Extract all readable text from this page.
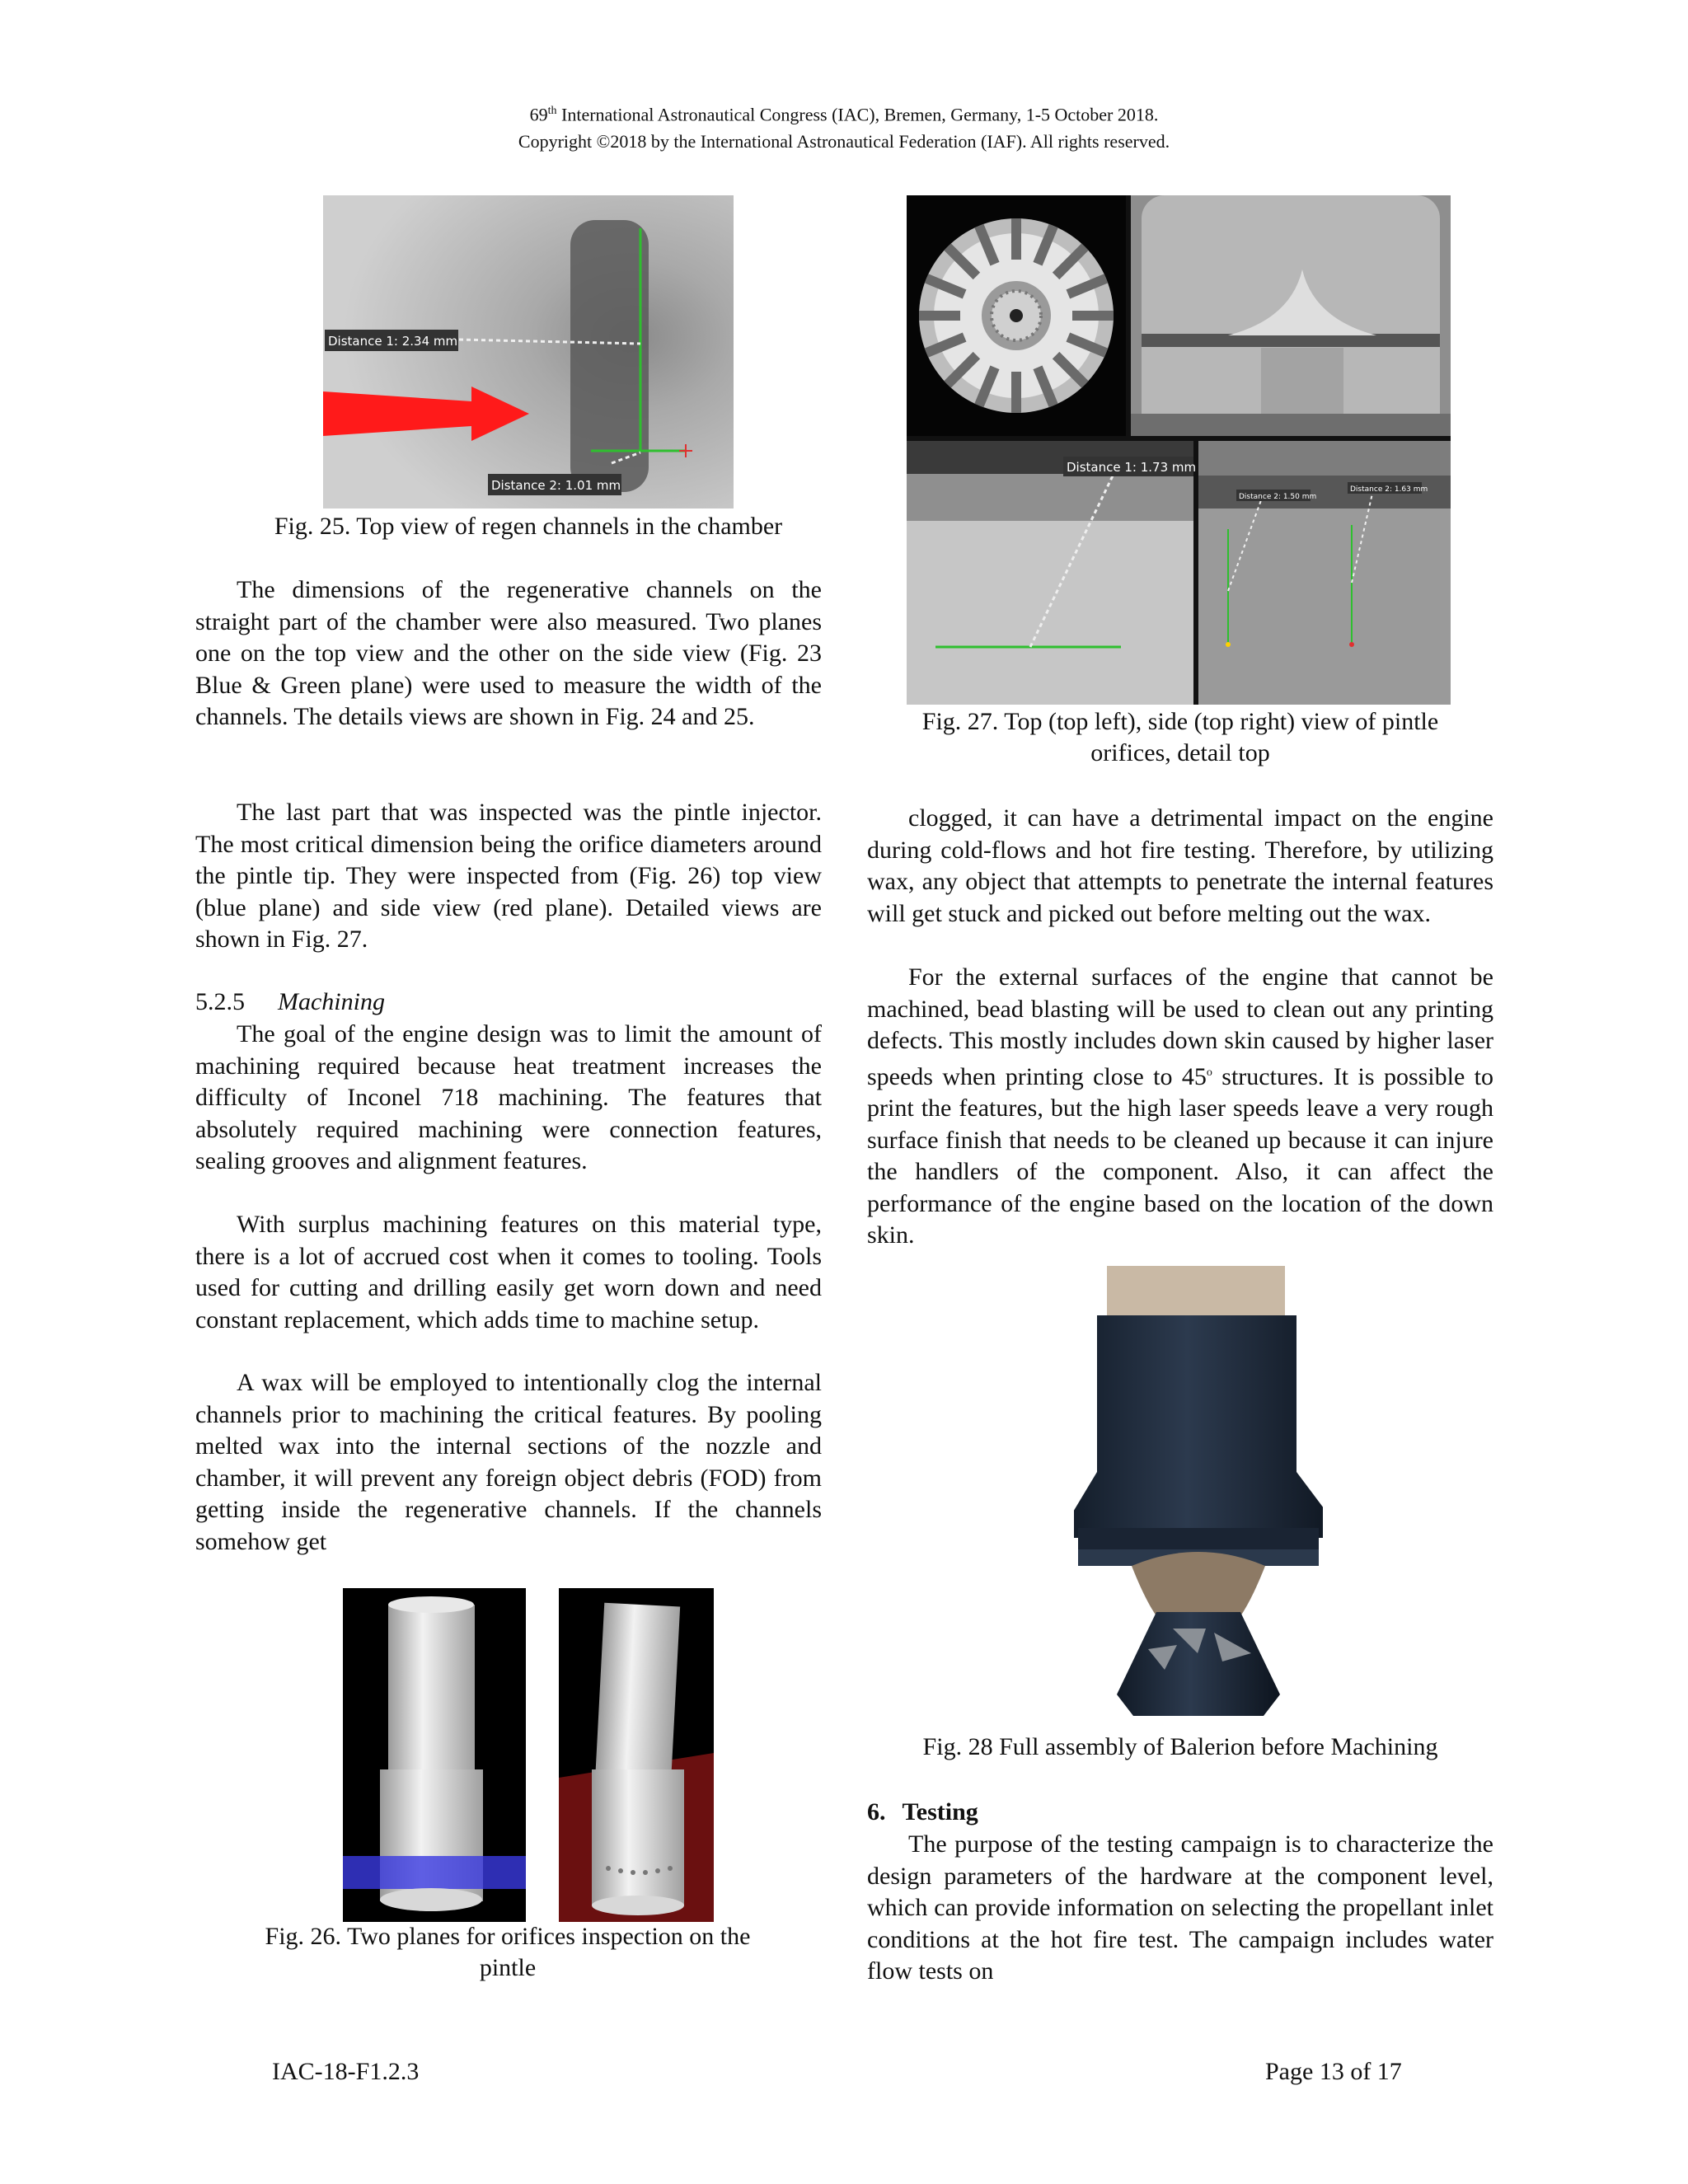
69th International Astronautical Congress (IAC), Bremen, Germany, 1-5 October 2018.
Copyright ©2018 by the International Astronautical Federation (IAF). All rights reserved.
Distance 1: 2.34 mm
Distance 2: 1.01 mm
Fig. 25. Top view of regen channels in the chamber

The dimensions of the regenerative channels on the straight part of the chamber were also measured. Two planes one on the top view and the other on the side view (Fig. 23 Blue & Green plane) were used to measure the width of the channels. The details views are shown in Fig. 24 and 25.

The last part that was inspected was the pintle injector. The most critical dimension being the orifice diameters around the pintle tip. They were inspected from (Fig. 26) top view (blue plane) and side view (red plane). Detailed views are shown in Fig. 27.

5.2.5 Machining

The goal of the engine design was to limit the amount of machining required because heat treatment increases the difficulty of Inconel 718 machining. The features that absolutely required machining were connection features, sealing grooves and alignment features.

With surplus machining features on this material type, there is a lot of accrued cost when it comes to tooling. Tools used for cutting and drilling easily get worn down and need constant replacement, which adds time to machine setup.

A wax will be employed to intentionally clog the internal channels prior to machining the critical features. By pooling melted wax into the internal sections of the nozzle and chamber, it will prevent any foreign object debris (FOD) from getting inside the regenerative channels. If the channels somehow get

Fig. 26. Two planes for orifices inspection on the
pintle
Distance 1: 1.73 mm
Distance 2: 1.50 mm
Distance 2: 1.63 mm
Fig. 27. Top (top left), side (top right) view of pintle
orifices, detail top

clogged, it can have a detrimental impact on the engine during cold-flows and hot fire testing. Therefore, by utilizing wax, any object that attempts to penetrate the internal features will get stuck and picked out before melting out the wax.

For the external surfaces of the engine that cannot be machined, bead blasting will be used to clean out any printing defects. This mostly includes down skin caused by higher laser speeds when printing close to 45$^o$ structures. It is possible to print the features, but the high laser speeds leave a very rough surface finish that needs to be cleaned up because it can injure the handlers of the component. Also, it can affect the performance of the engine based on the location of the down skin.

Fig. 28 Full assembly of Balerion before Machining
6. Testing

The purpose of the testing campaign is to characterize the design parameters of the hardware at the component level, which can provide information on selecting the propellant inlet conditions at the hot fire test. The campaign includes water flow tests on

IAC-18-F1.2.3	Page 13 of 17
